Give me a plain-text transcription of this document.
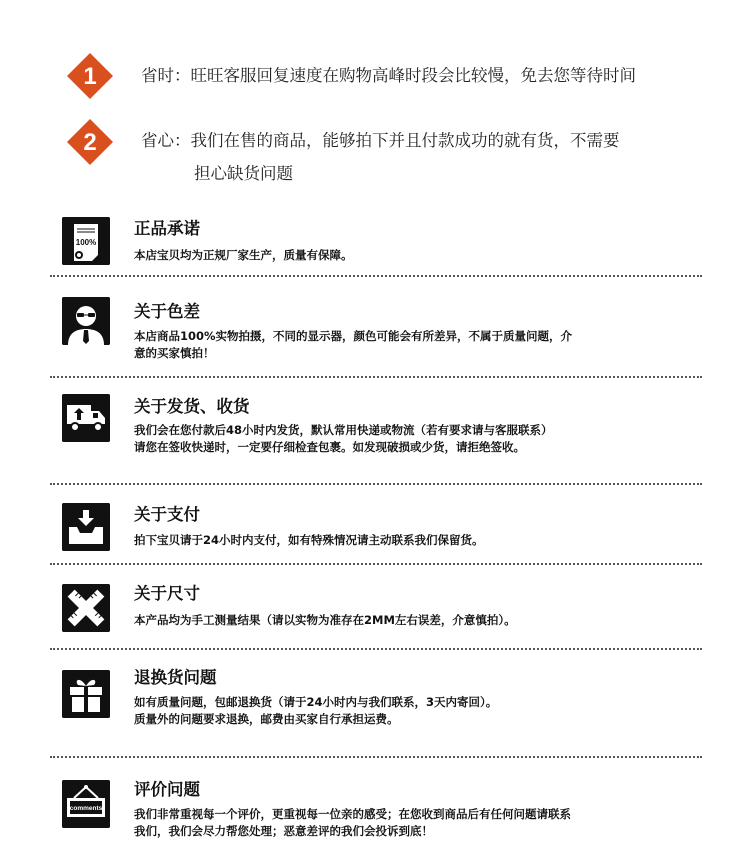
1	省时：旺旺客服回复速度在购物高峰时段会比较慢，免去您等待时间
2	省心：我们在售的商品，能够拍下并且付款成功的就有货，不需要
担心缺货问题
100%
正品承诺

本店宝贝均为正规厂家生产，质量有保障。

关于色差

本店商品100%实物拍摄，不同的显示器，颜色可能会有所差异，不属于质量问题，介

意的买家慎拍！

关于发货、收货

我们会在您付款后48小时内发货，默认常用快递或物流（若有要求请与客服联系）

请您在签收快递时，一定要仔细检查包裹。如发现破损或少货，请拒绝签收。

关于支付

拍下宝贝请于24小时内支付，如有特殊情况请主动联系我们保留货。

关于尺寸

本产品均为手工测量结果（请以实物为准存在2MM左右误差，介意慎拍）。

退换货问题

如有质量问题，包邮退换货（请于24小时内与我们联系，3天内寄回）。

质量外的问题要求退换，邮费由买家自行承担运费。

comments
评价问题

我们非常重视每一个评价，更重视每一位亲的感受；在您收到商品后有任何问题请联系

我们，我们会尽力帮您处理；恶意差评的我们会投诉到底！
